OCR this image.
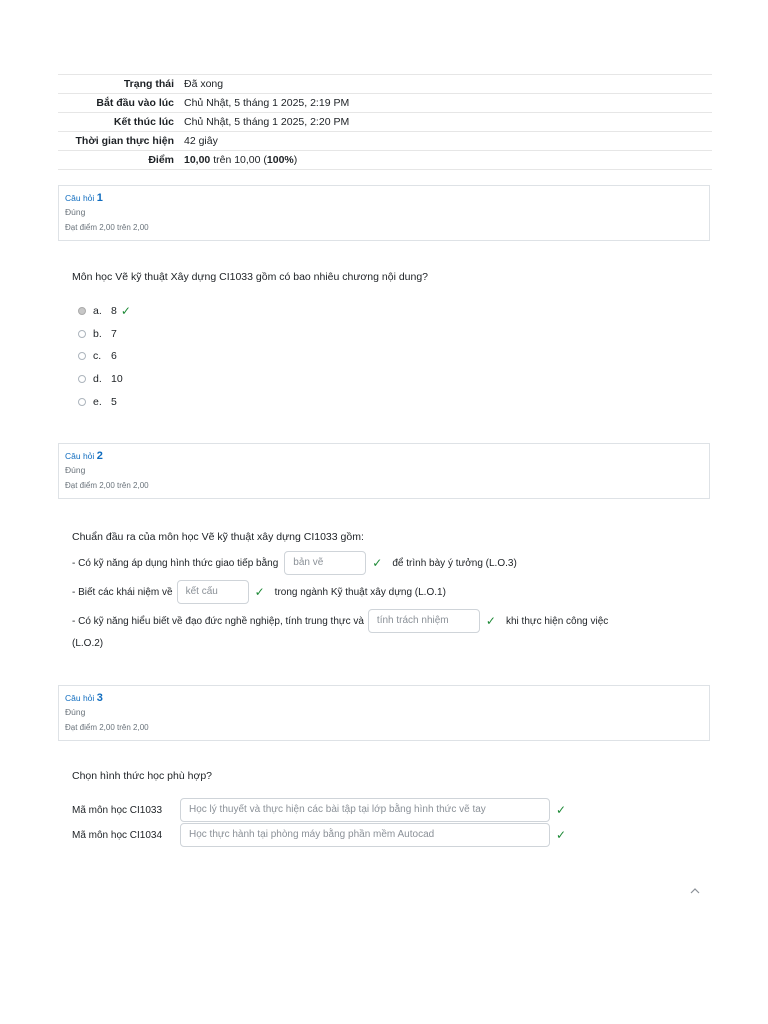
Trạng thái	Đã xong
Bắt đầu vào lúc	Chủ Nhật, 5 tháng 1 2025, 2:19 PM
Kết thúc lúc	Chủ Nhật, 5 tháng 1 2025, 2:20 PM
Thời gian thực hiện	42 giây
Điểm	10,00 trên 10,00 (100%)
Câu hỏi 1
Đúng
Đạt điểm 2,00 trên 2,00
Môn học Vẽ kỹ thuật Xây dựng CI1033 gồm có bao nhiêu chương nội dung?
a. 8 ✓
b. 7
c. 6
d. 10
e. 5
Câu hỏi 2
Đúng
Đạt điểm 2,00 trên 2,00
Chuẩn đầu ra của môn học Vẽ kỹ thuật xây dựng CI1033 gồm:
- Có kỹ năng áp dụng hình thức giao tiếp bằng	bản vẽ	✓ để trình bày ý tưởng (L.O.3)
- Biết các khái niệm về	kết cấu	✓ trong ngành Kỹ thuật xây dựng (L.O.1)
- Có kỹ năng hiểu biết về đạo đức nghề nghiệp, tính trung thực và	tính trách nhiệm	✓ khi thực hiện công việc
(L.O.2)
Câu hỏi 3
Đúng
Đạt điểm 2,00 trên 2,00
Chọn hình thức học phù hợp?
Mã môn học CI1033	Học lý thuyết và thực hiện các bài tập tại lớp bằng hình thức vẽ tay	✓
Mã môn học CI1034	Học thực hành tại phòng máy bằng phần mềm Autocad	✓
